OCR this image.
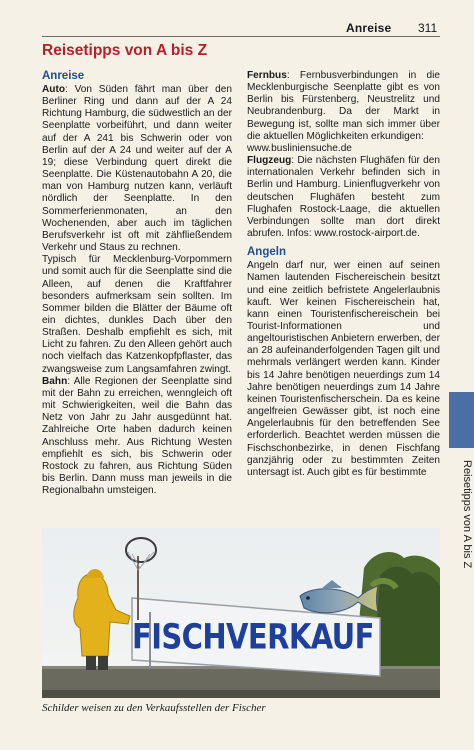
Anreise 311
Reisetipps von A bis Z
Anreise

Auto: Von Süden fährt man über den Berliner Ring und dann auf der A 24 Richtung Hamburg, die südwestlich an der Seenplatte vorbeiführt, und dann weiter auf der A 241 bis Schwerin oder von Berlin auf der A 24 und weiter auf der A 19; diese Verbindung quert direkt die Seenplatte. Die Küstenautobahn A 20, die man von Hamburg nutzen kann, verläuft nördlich der Seenplatte. In den Sommerferienmonaten, an den Wochenenden, aber auch im täglichen Berufsverkehr ist oft mit zähfließendem Verkehr und Staus zu rechnen.

Typisch für Mecklenburg-Vorpommern und somit auch für die Seenplatte sind die Alleen, auf denen die Kraftfahrer besonders aufmerksam sein sollten. Im Sommer bilden die Blätter der Bäume oft ein dichtes, dunkles Dach über den Straßen. Deshalb empfiehlt es sich, mit Licht zu fahren. Zu den Alleen gehört auch noch vielfach das Katzenkopfpflaster, das zwangsweise zum Langsamfahren zwingt.

Bahn: Alle Regionen der Seenplatte sind mit der Bahn zu erreichen, wenngleich oft mit Schwierigkeiten, weil die Bahn das Netz von Jahr zu Jahr ausgedünnt hat. Zahlreiche Orte haben dadurch keinen Anschluss mehr. Aus Richtung Westen empfiehlt es sich, bis Schwerin oder Rostock zu fahren, aus Richtung Süden bis Berlin. Dann muss man jeweils in die Regionalbahn umsteigen.

Fernbus: Fernbusverbindungen in die Mecklenburgische Seenplatte gibt es von Berlin bis Fürstenberg, Neustrelitz und Neubrandenburg. Da der Markt in Bewegung ist, sollte man sich immer über die aktuellen Möglichkeiten erkundigen:

www.busliniensuche.de

Flugzeug: Die nächsten Flughäfen für den internationalen Verkehr befinden sich in Berlin und Hamburg. Linienflugverkehr von deutschen Flughäfen besteht zum Flughafen Rostock-Laage, die aktuellen Verbindungen sollte man dort direkt abrufen. Infos: www.rostock-airport.de.

Angeln

Angeln darf nur, wer einen auf seinen Namen lautenden Fischereischein besitzt und eine zeitlich befristete Angelerlaubnis kauft. Wer keinen Fischereischein hat, kann einen Touristenfischereischein bei Tourist-Informationen und angeltouristischen Anbietern erwerben, der an 28 aufeinanderfolgenden Tagen gilt und mehrmals verlängert werden kann. Kinder bis 14 Jahre benötigen neuerdings zum 14 Jahre benötigen neuerdings zum 14 Jahre keinen Touristenfischerschein. Da es keine angelfreien Gewässer gibt, ist noch eine Angelerlaubnis für den betreffenden See erforderlich. Beachtet werden müssen die Fischschonbezirke, in denen Fischfang ganzjährig oder zu bestimmten Zeiten untersagt ist. Auch gibt es für bestimmte	Reisetipps von A bis Z
FISCHVERKAUF

Schilder weisen zu den Verkaufsstellen der Fischer
